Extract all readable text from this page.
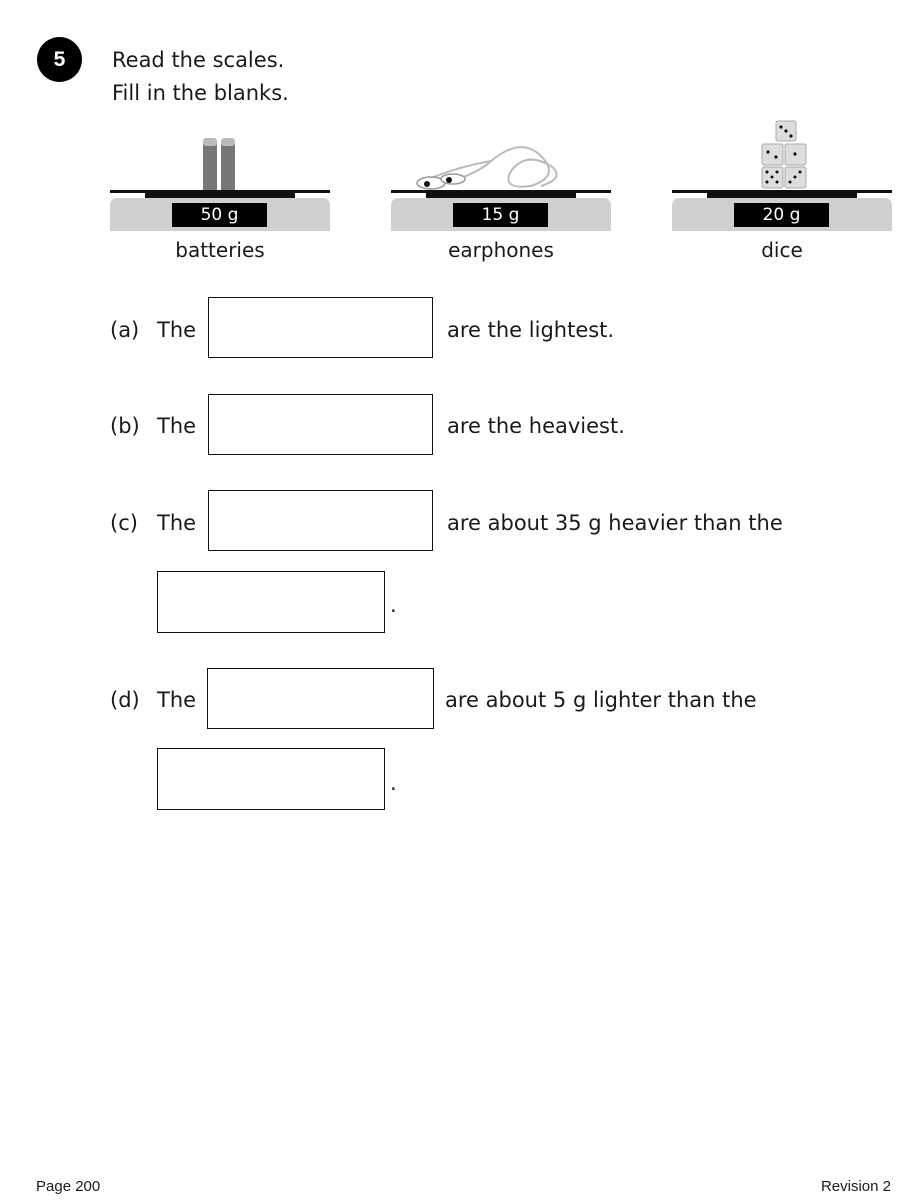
5	Read the scales.
Fill in the blanks.
50 g
batteries
15 g
earphones
20 g
dice
(a) The	are the lightest.
(b) The	are the heaviest.
(c) The	are about 35 g heavier than the
.
(d) The	are about 5 g lighter than the
.
Page 200	Revision 2
